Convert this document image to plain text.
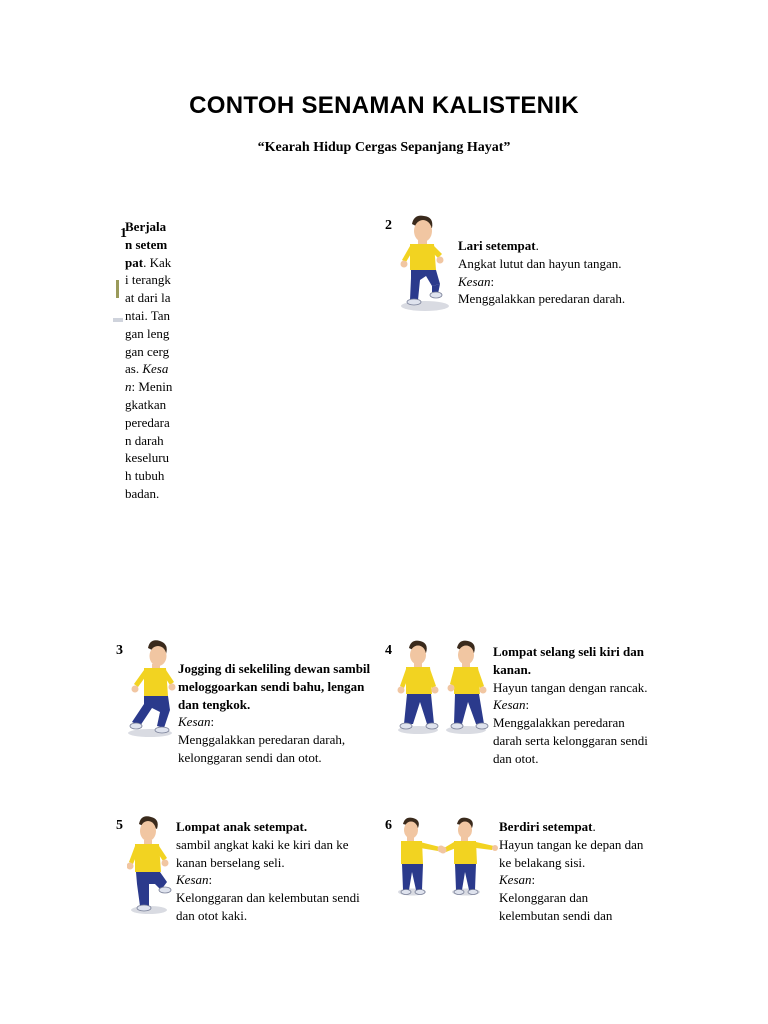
CONTOH SENAMAN KALISTENIK
“Kearah Hidup Cergas Sepanjang Hayat”
1
Berjalan setempat. Kaki terangkat dari lantai. Tangan lenggan cergas. Kesan: Meningkatkan peredaran darah keseluruh tubuh badan.
2
Lari setempat.
Angkat lutut dan hayun tangan.
Kesan:
Menggalakkan peredaran darah.
3
Jogging di sekeliling dewan sambil meloggoarkan sendi bahu, lengan dan tengkok.
Kesan:
Menggalakkan peredaran darah, kelonggaran sendi dan otot.
4	Lompat selang seli kiri dan kanan.
Hayun tangan dengan rancak.
Kesan:
Menggalakkan peredaran darah serta kelonggaran sendi dan otot.
5	Lompat anak setempat.
sambil angkat kaki ke kiri dan ke kanan berselang seli.
Kesan:
Kelonggaran dan kelembutan sendi dan otot kaki.
6	Berdiri setempat.
Hayun tangan ke depan dan ke belakang sisi.
Kesan:
Kelonggaran dan kelembutan sendi dan
